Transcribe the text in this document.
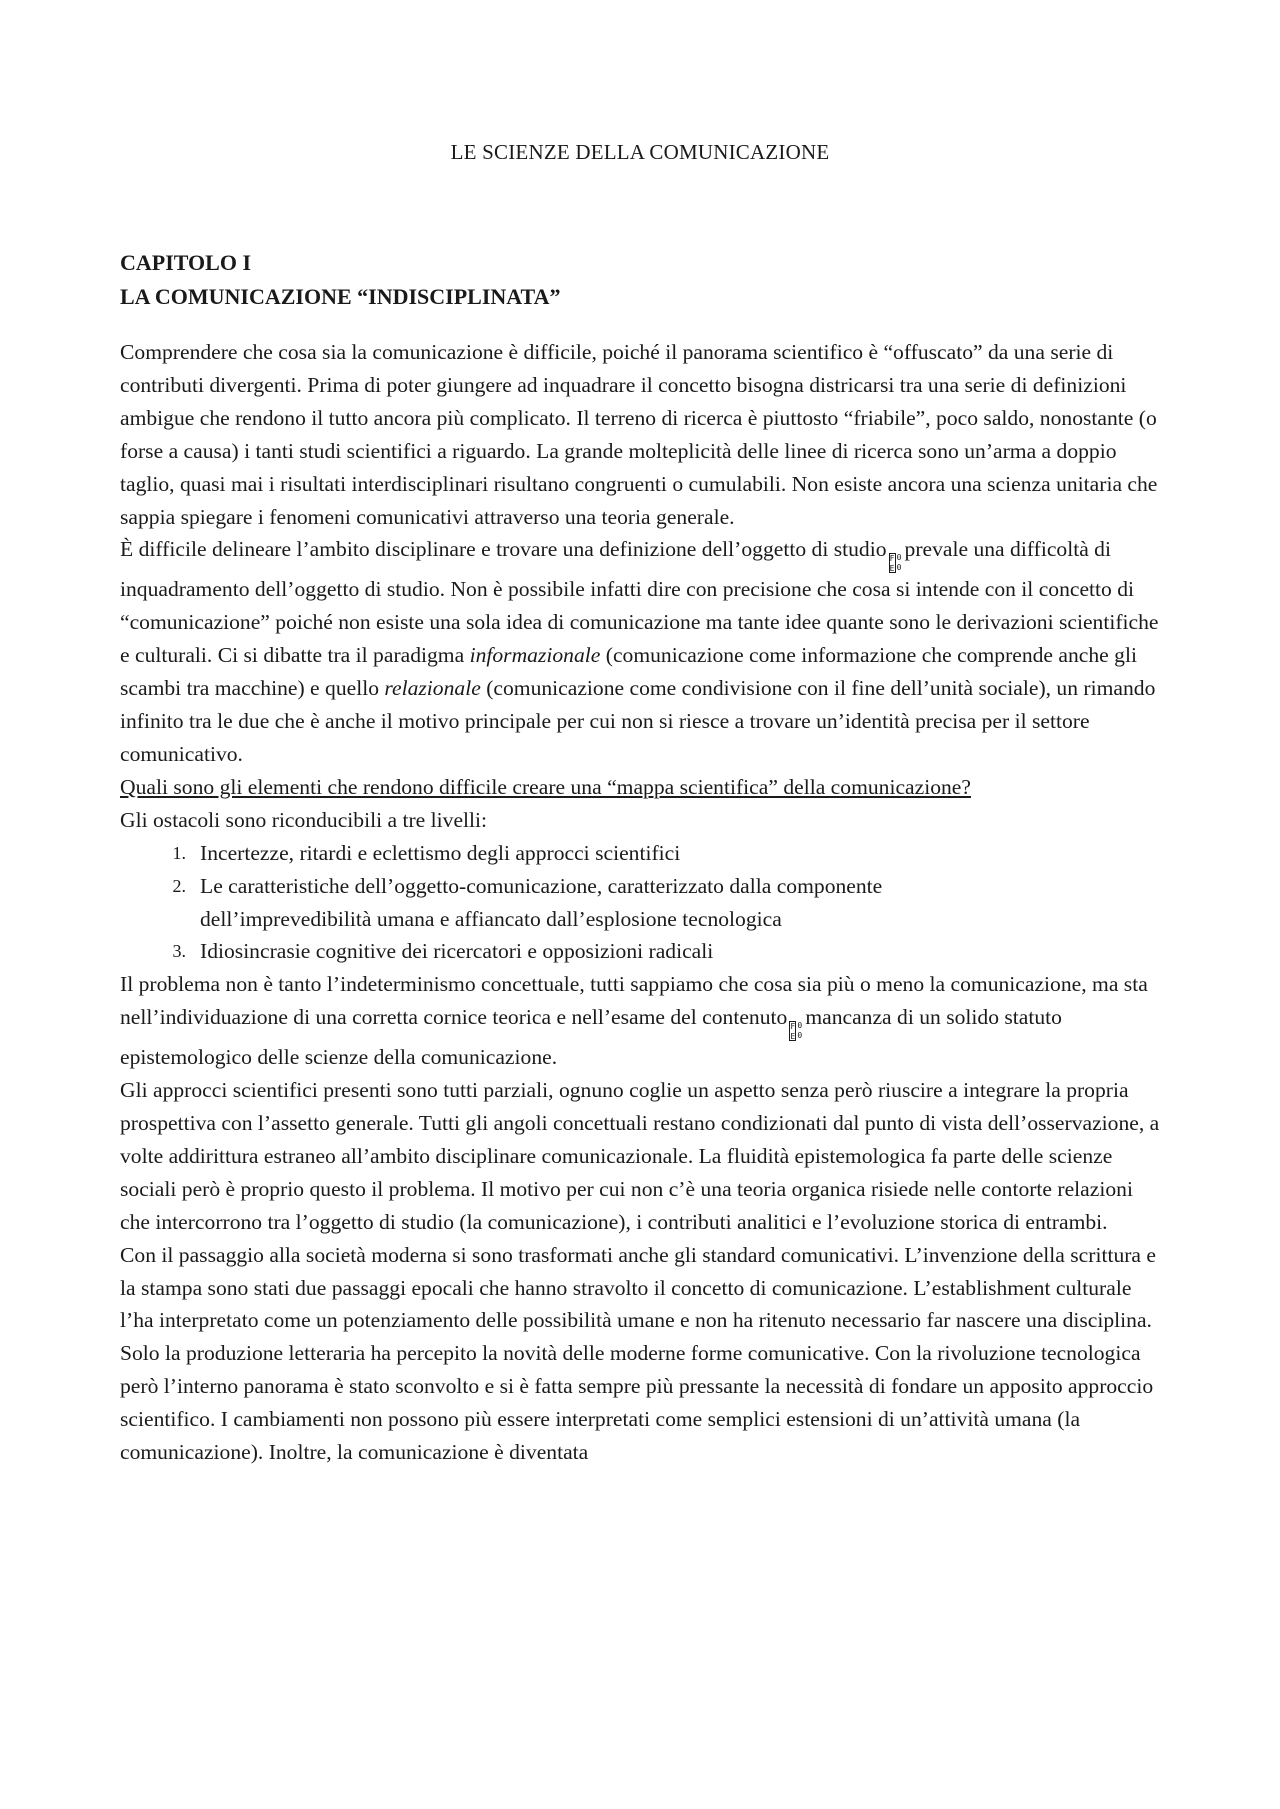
LE SCIENZE DELLA COMUNICAZIONE
CAPITOLO I
LA COMUNICAZIONE “INDISCIPLINATA”

Comprendere che cosa sia la comunicazione è difficile, poiché il panorama scientifico è “offuscato” da una serie di contributi divergenti. Prima di poter giungere ad inquadrare il concetto bisogna districarsi tra una serie di definizioni ambigue che rendono il tutto ancora più complicato. Il terreno di ricerca è piuttosto “friabile”, poco saldo, nonostante (o forse a causa) i tanti studi scientifici a riguardo. La grande molteplicità delle linee di ricerca sono un’arma a doppio taglio, quasi mai i risultati interdisciplinari risultano congruenti o cumulabili. Non esiste ancora una scienza unitaria che sappia spiegare i fenomeni comunicativi attraverso una teoria generale.

È difficile delineare l’ambito disciplinare e trovare una definizione dell’oggetto di studio F
E
0
0
prevale una difficoltà di inquadramento dell’oggetto di studio. Non è possibile infatti dire con precisione che cosa si intende con il concetto di “comunicazione” poiché non esiste una sola idea di comunicazione ma tante idee quante sono le derivazioni scientifiche e culturali. Ci si dibatte tra il paradigma informazionale (comunicazione come informazione che comprende anche gli scambi tra macchine) e quello relazionale (comunicazione come condivisione con il fine dell’unità sociale), un rimando infinito tra le due che è anche il motivo principale per cui non si riesce a trovare un’identità precisa per il settore comunicativo.

Quali sono gli elementi che rendono difficile creare una “mappa scientifica” della comunicazione?

Gli ostacoli sono riconducibili a tre livelli:

1. Incertezze, ritardi e eclettismo degli approcci scientifici
2. Le caratteristiche dell’oggetto-comunicazione, caratterizzato dalla componente dell’imprevedibilità umana e affiancato dall’esplosione tecnologica
3. Idiosincrasie cognitive dei ricercatori e opposizioni radicali

Il problema non è tanto l’indeterminismo concettuale, tutti sappiamo che cosa sia più o meno la comunicazione, ma sta nell’individuazione di una corretta cornice teorica e nell’esame del contenuto F
E
0
0
mancanza di un solido statuto epistemologico delle scienze della comunicazione.

Gli approcci scientifici presenti sono tutti parziali, ognuno coglie un aspetto senza però riuscire a integrare la propria prospettiva con l’assetto generale. Tutti gli angoli concettuali restano condizionati dal punto di vista dell’osservazione, a volte addirittura estraneo all’ambito disciplinare comunicazionale. La fluidità epistemologica fa parte delle scienze sociali però è proprio questo il problema. Il motivo per cui non c’è una teoria organica risiede nelle contorte relazioni che intercorrono tra l’oggetto di studio (la comunicazione), i contributi analitici e l’evoluzione storica di entrambi.

Con il passaggio alla società moderna si sono trasformati anche gli standard comunicativi. L’invenzione della scrittura e la stampa sono stati due passaggi epocali che hanno stravolto il concetto di comunicazione. L’establishment culturale l’ha interpretato come un potenziamento delle possibilità umane e non ha ritenuto necessario far nascere una disciplina. Solo la produzione letteraria ha percepito la novità delle moderne forme comunicative. Con la rivoluzione tecnologica però l’interno panorama è stato sconvolto e si è fatta sempre più pressante la necessità di fondare un apposito approccio scientifico. I cambiamenti non possono più essere interpretati come semplici estensioni di un’attività umana (la comunicazione). Inoltre, la comunicazione è diventata
